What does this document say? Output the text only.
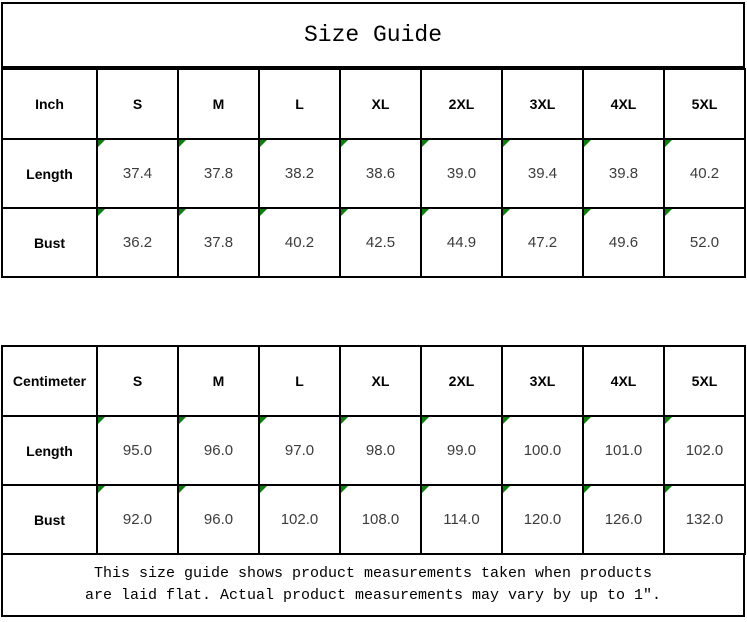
Size Guide
Inch	S	M	L	XL	2XL	3XL	4XL	5XL
Length	37.4	37.8	38.2	38.6	39.0	39.4	39.8	40.2

Bust	36.2	37.8	40.2	42.5	44.9	47.2	49.6	52.0
Centimeter	S	M	L	XL	2XL	3XL	4XL	5XL
Length	95.0	96.0	97.0	98.0	99.0	100.0	101.0	102.0

Bust	92.0	96.0	102.0	108.0	114.0	120.0	126.0	132.0
This size guide shows product measurements taken when products
are laid flat. Actual product measurements may vary by up to 1″.
